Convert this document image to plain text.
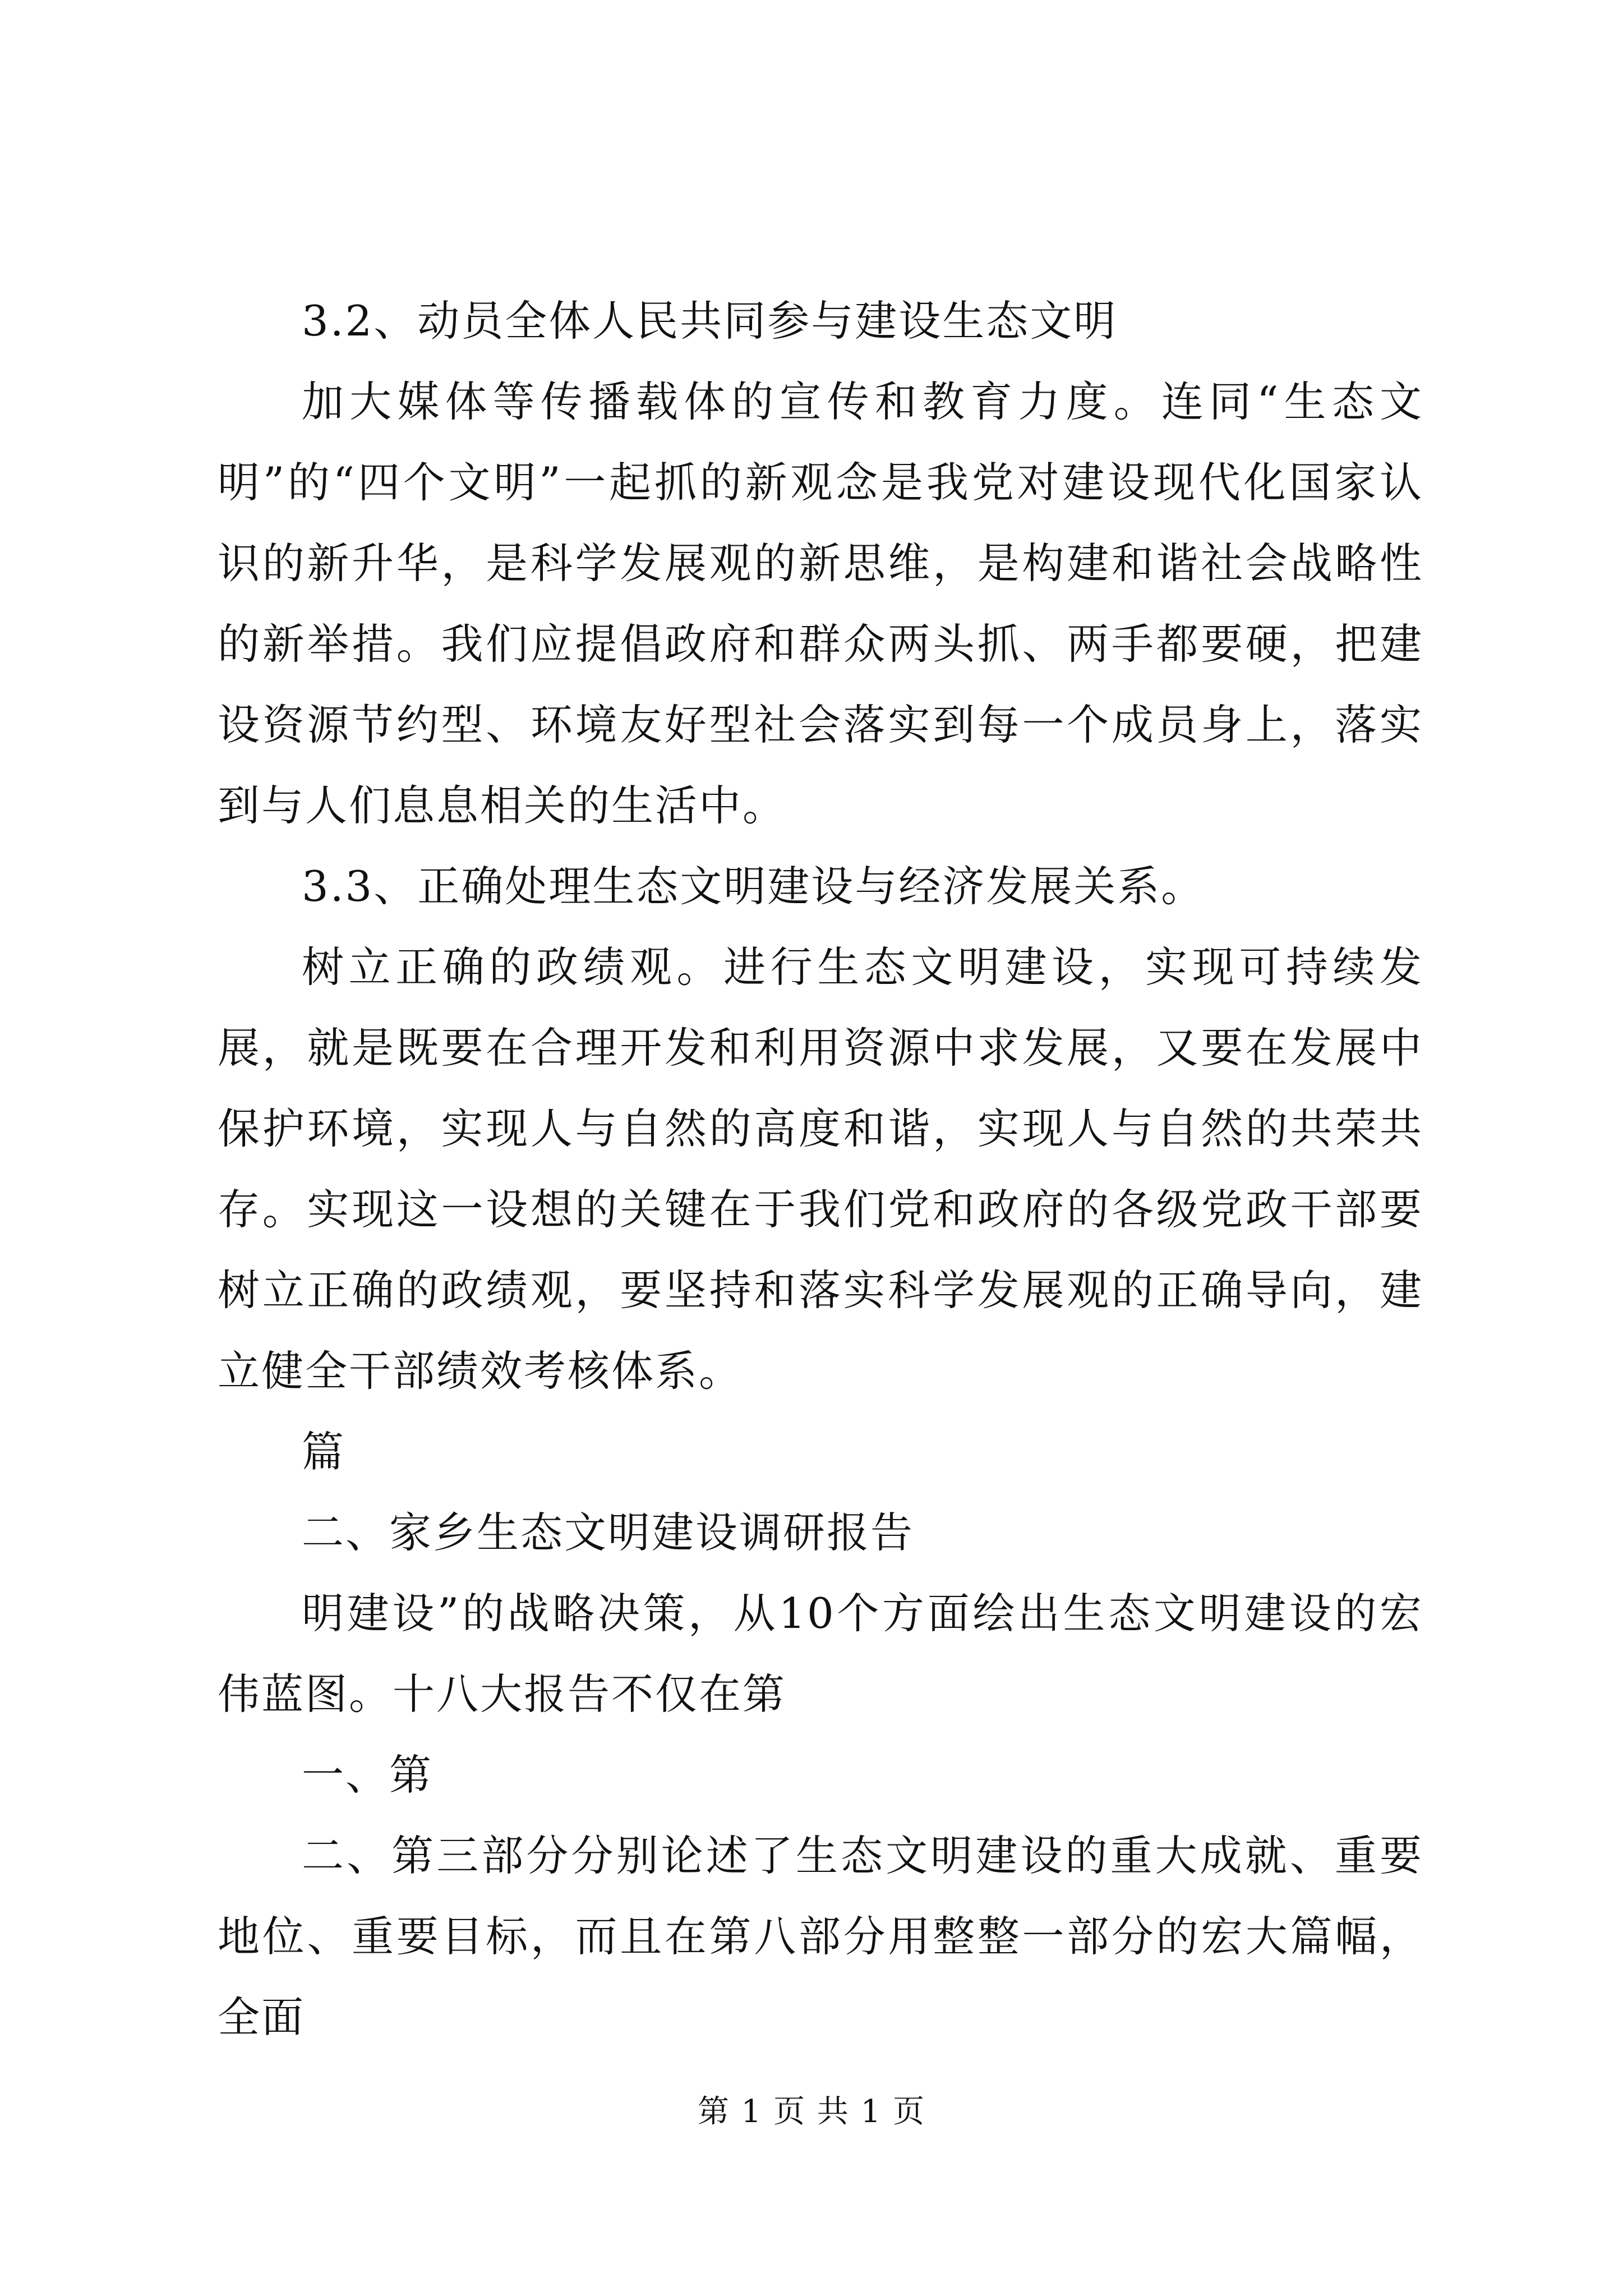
3.2、动员全体人民共同参与建设生态文明

加大媒体等传播载体的宣传和教育力度。连同“生态文明”的“四个文明”一起抓的新观念是我党对建设现代化国家认识的新升华，是科学发展观的新思维，是构建和谐社会战略性的新举措。我们应提倡政府和群众两头抓、两手都要硬，把建设资源节约型、环境友好型社会落实到每一个成员身上，落实到与人们息息相关的生活中。

3.3、正确处理生态文明建设与经济发展关系。

树立正确的政绩观。进行生态文明建设，实现可持续发展，就是既要在合理开发和利用资源中求发展，又要在发展中保护环境，实现人与自然的高度和谐，实现人与自然的共荣共存。实现这一设想的关键在于我们党和政府的各级党政干部要树立正确的政绩观，要坚持和落实科学发展观的正确导向，建立健全干部绩效考核体系。

篇

二、家乡生态文明建设调研报告

明建设”的战略决策，从10个方面绘出生态文明建设的宏伟蓝图。十八大报告不仅在第

一、第

二、第三部分分别论述了生态文明建设的重大成就、重要地位、重要目标，而且在第八部分用整整一部分的宏大篇幅，全面

第 1 页 共 1 页
